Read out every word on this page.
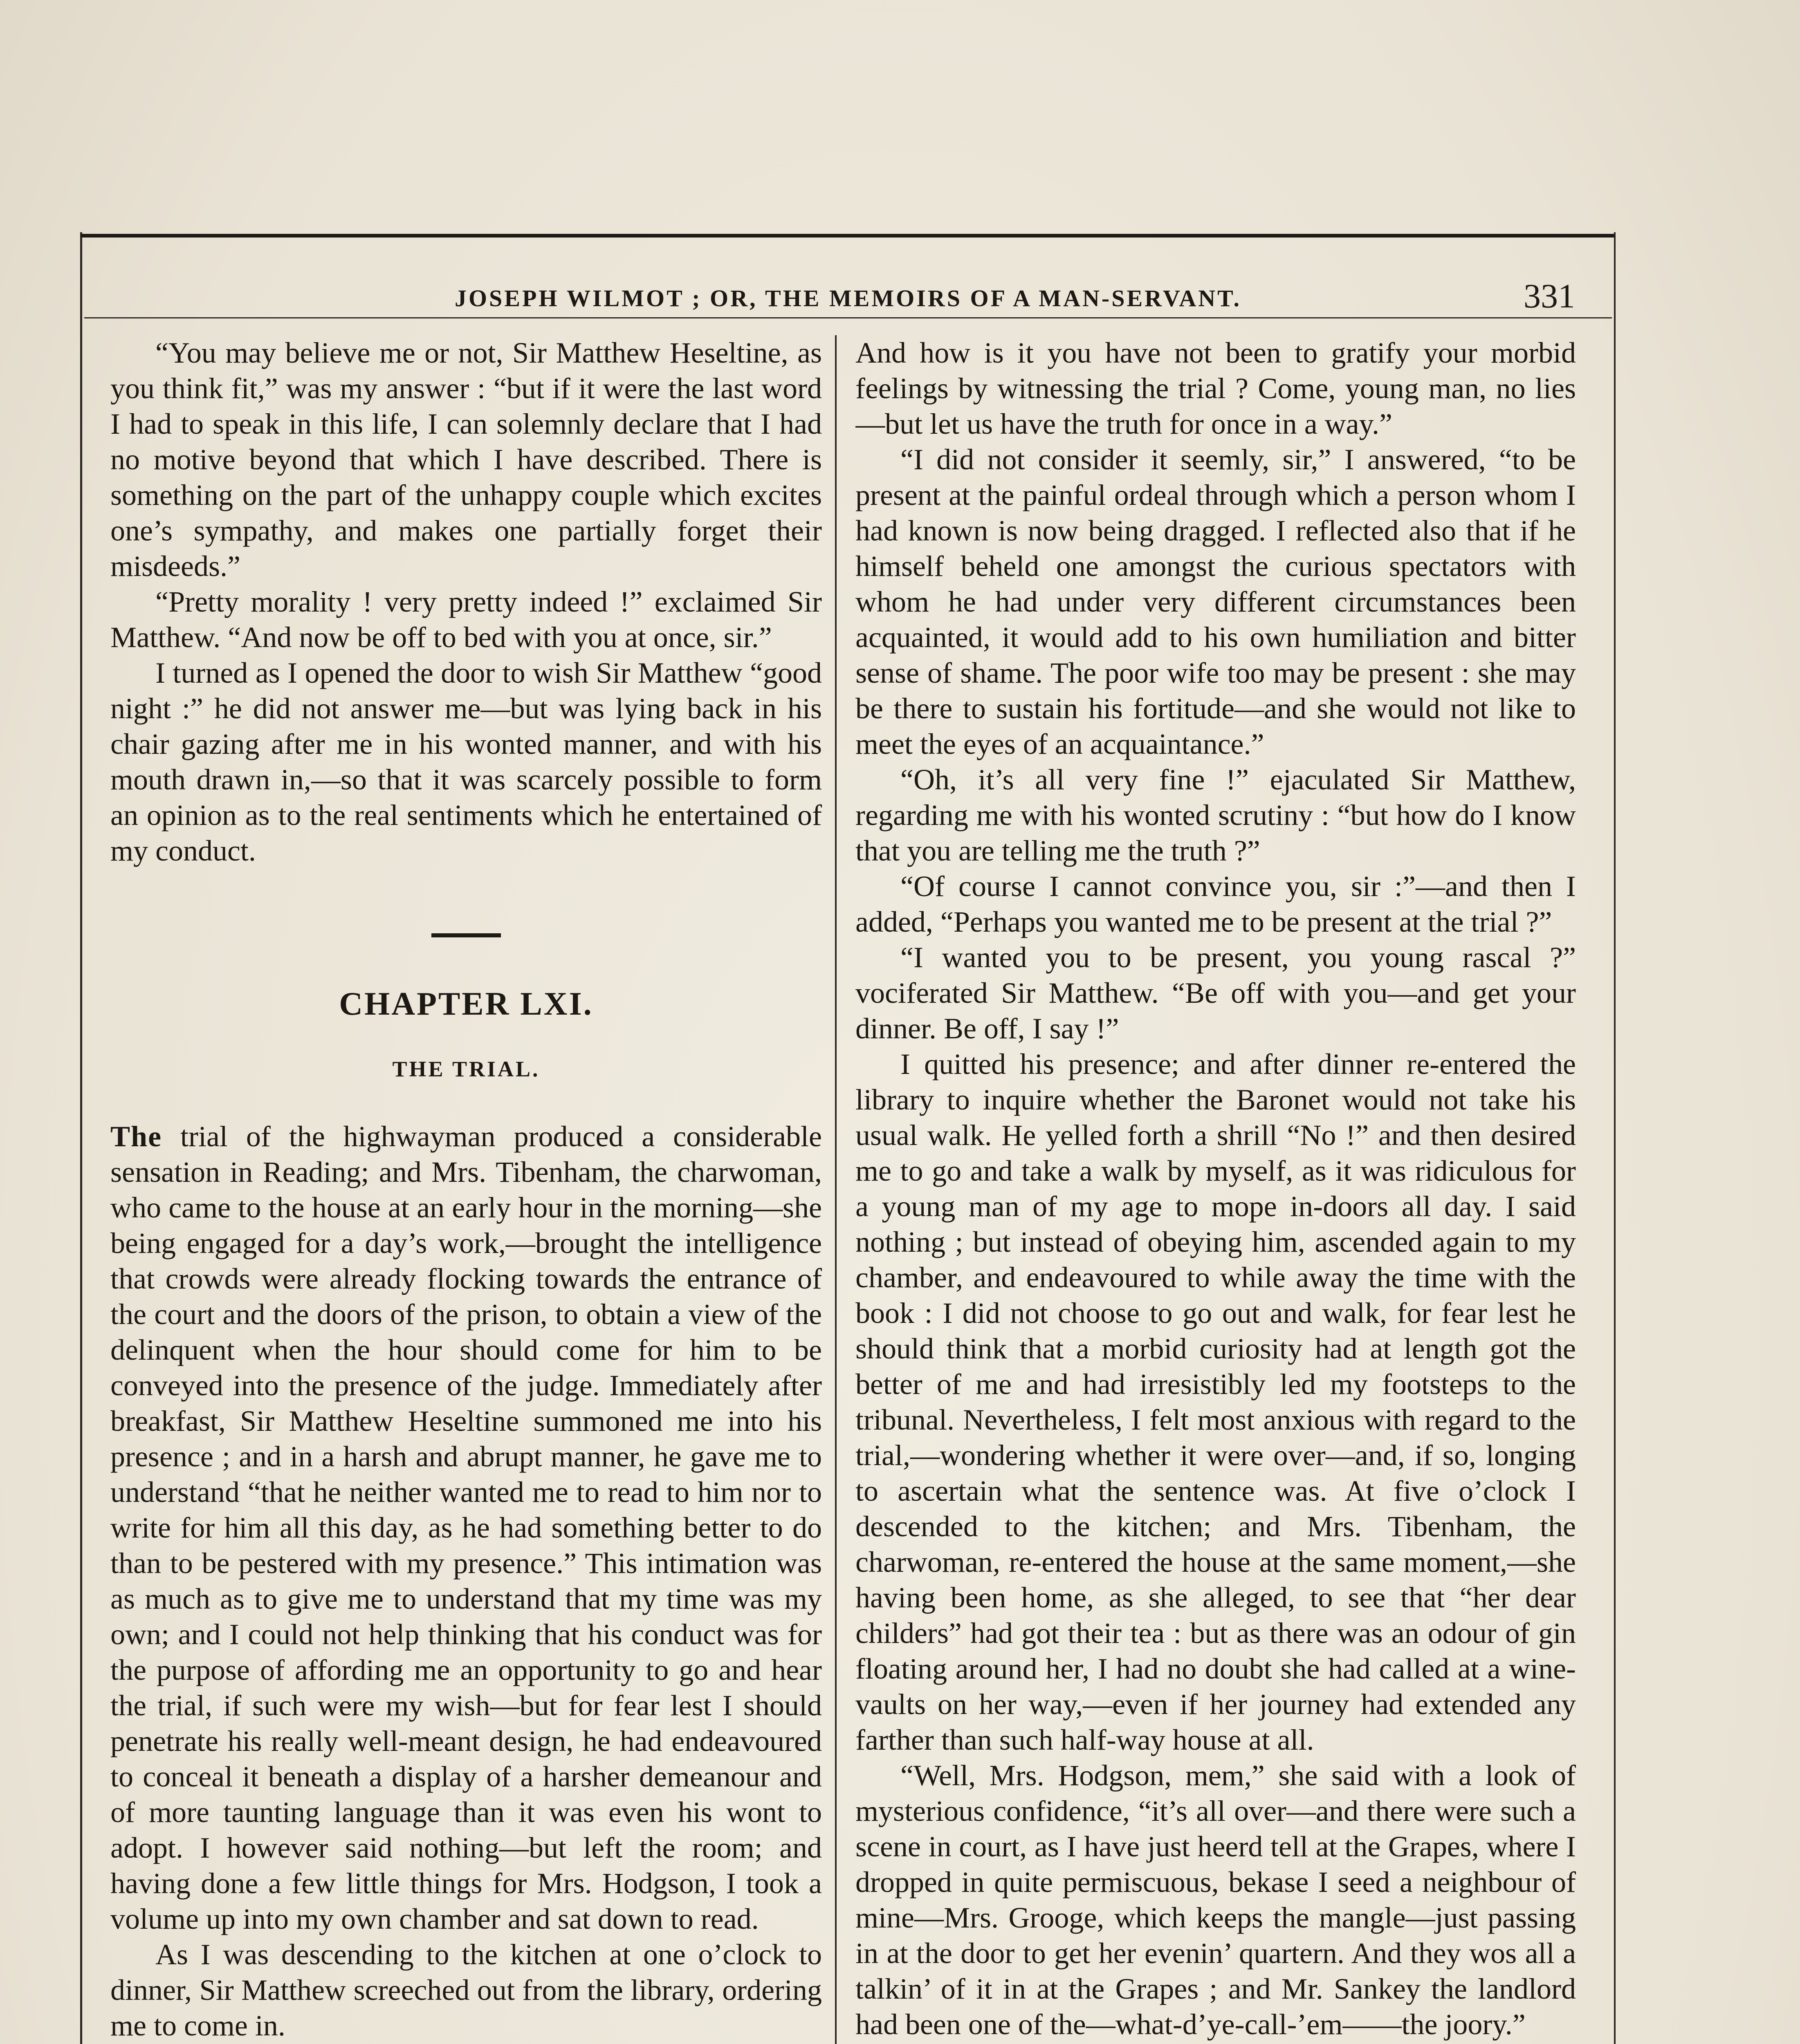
JOSEPH WILMOT ; OR, THE MEMOIRS OF A MAN-SERVANT.	331

“You may believe me or not, Sir Matthew Heseltine, as you think fit,” was my answer : “but if it were the last word I had to speak in this life, I can solemnly declare that I had no motive beyond that which I have described. There is something on the part of the unhappy couple which excites one’s sympathy, and makes one partially forget their misdeeds.”

“Pretty morality ! very pretty indeed !” exclaimed Sir Matthew. “And now be off to bed with you at once, sir.”

I turned as I opened the door to wish Sir Matthew “good night :” he did not answer me—but was lying back in his chair gazing after me in his wonted manner, and with his mouth drawn in,—so that it was scarcely possible to form an opinion as to the real sentiments which he entertained of my conduct.

CHAPTER LXI.
THE TRIAL.

The trial of the highwayman produced a considerable sensation in Reading; and Mrs. Tibenham, the charwoman, who came to the house at an early hour in the morning—she being engaged for a day’s work,—brought the intelligence that crowds were already flocking towards the entrance of the court and the doors of the prison, to obtain a view of the delinquent when the hour should come for him to be conveyed into the presence of the judge. Immediately after breakfast, Sir Matthew Heseltine summoned me into his presence ; and in a harsh and abrupt manner, he gave me to understand “that he neither wanted me to read to him nor to write for him all this day, as he had something better to do than to be pestered with my presence.” This intimation was as much as to give me to understand that my time was my own; and I could not help thinking that his conduct was for the purpose of affording me an opportunity to go and hear the trial, if such were my wish—but for fear lest I should penetrate his really well-meant design, he had endeavoured to conceal it beneath a display of a harsher demeanour and of more taunting language than it was even his wont to adopt. I however said nothing—but left the room; and having done a few little things for Mrs. Hodgson, I took a volume up into my own chamber and sat down to read.

As I was descending to the kitchen at one o’clock to dinner, Sir Matthew screeched out from the library, ordering me to come in.

And how is it you have not been to gratify your morbid feelings by witnessing the trial ? Come, young man, no lies—but let us have the truth for once in a way.”

“I did not consider it seemly, sir,” I answered, “to be present at the painful ordeal through which a person whom I had known is now being dragged. I reflected also that if he himself beheld one amongst the curious spectators with whom he had under very different circumstances been acquainted, it would add to his own humiliation and bitter sense of shame. The poor wife too may be present : she may be there to sustain his fortitude—and she would not like to meet the eyes of an acquaintance.”

“Oh, it’s all very fine !” ejaculated Sir Matthew, regarding me with his wonted scrutiny : “but how do I know that you are telling me the truth ?”

“Of course I cannot convince you, sir :”—and then I added, “Perhaps you wanted me to be present at the trial ?”

“I wanted you to be present, you young rascal ?” vociferated Sir Matthew. “Be off with you—and get your dinner. Be off, I say !”

I quitted his presence; and after dinner re-entered the library to inquire whether the Baronet would not take his usual walk. He yelled forth a shrill “No !” and then desired me to go and take a walk by myself, as it was ridiculous for a young man of my age to mope in-doors all day. I said nothing ; but instead of obeying him, ascended again to my chamber, and endeavoured to while away the time with the book : I did not choose to go out and walk, for fear lest he should think that a morbid curiosity had at length got the better of me and had irresistibly led my footsteps to the tribunal. Nevertheless, I felt most anxious with regard to the trial,—wondering whether it were over—and, if so, longing to ascertain what the sentence was. At five o’clock I descended to the kitchen; and Mrs. Tibenham, the charwoman, re-entered the house at the same moment,—she having been home, as she alleged, to see that “her dear childers” had got their tea : but as there was an odour of gin floating around her, I had no doubt she had called at a wine-vaults on her way,—even if her journey had extended any farther than such half-way house at all.

“Well, Mrs. Hodgson, mem,” she said with a look of mysterious confidence, “it’s all over—and there were such a scene in court, as I have just heerd tell at the Grapes, where I dropped in quite permiscuous, bekase I seed a neighbour of mine—Mrs. Grooge, which keeps the mangle—just passing in at the door to get her evenin’ quartern. And they wos all a talkin’ of it in at the Grapes ; and Mr. Sankey the landlord had been one of the—what-d’ye-call-’em——the joory.”
